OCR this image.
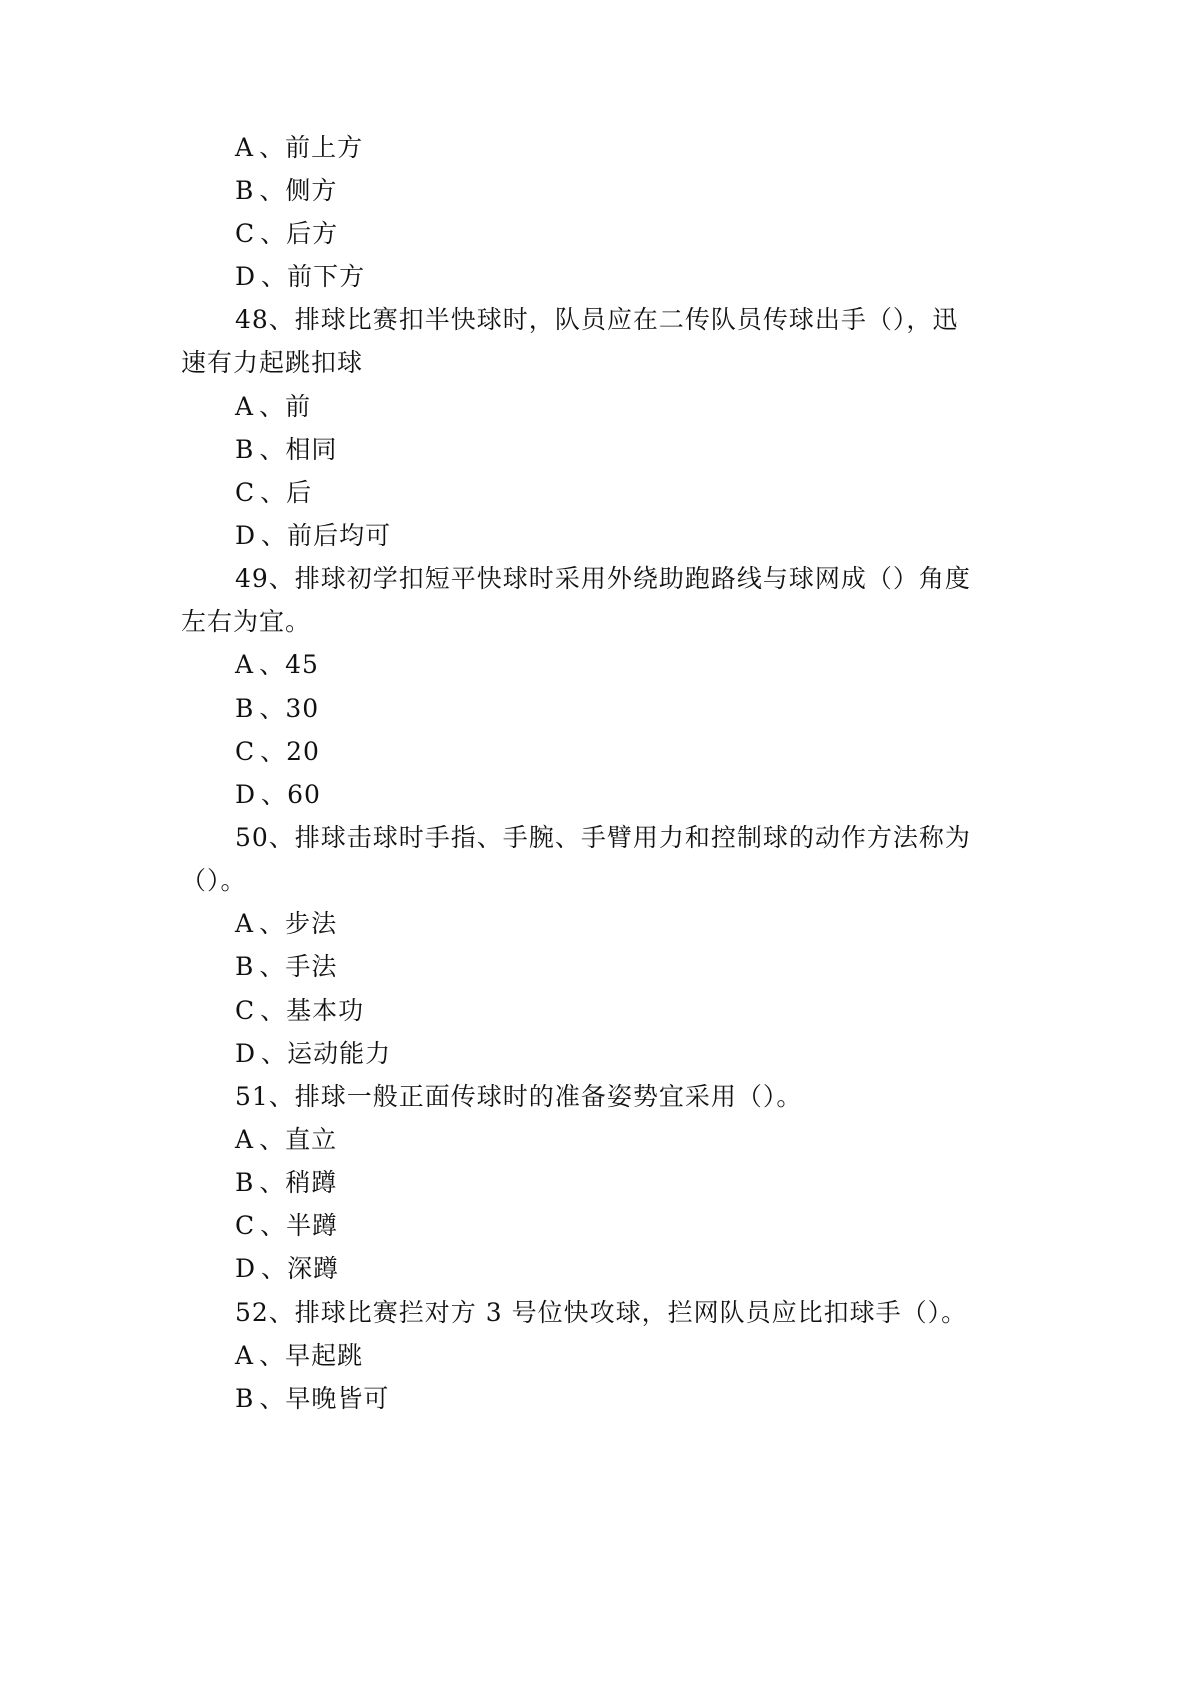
A、前上方
B、侧方
C、后方
D、前下方
48、排球比赛扣半快球时，队员应在二传队员传球出手（），迅
速有力起跳扣球
A、前
B、相同
C、后
D、前后均可
49、排球初学扣短平快球时采用外绕助跑路线与球网成（）角度
左右为宜。
A、45
B、30
C、20
D、60
50、排球击球时手指、手腕、手臂用力和控制球的动作方法称为
（）。
A、步法
B、手法
C、基本功
D、运动能力
51、排球一般正面传球时的准备姿势宜采用（）。
A、直立
B、稍蹲
C、半蹲
D、深蹲
52、排球比赛拦对方 3 号位快攻球，拦网队员应比扣球手（）。
A、早起跳
B、早晚皆可
